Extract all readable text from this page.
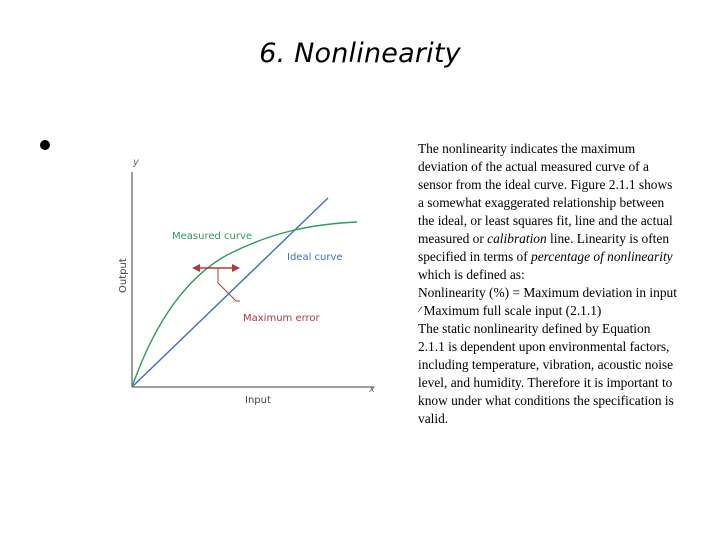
6. Nonlinearity
y
x
Output
Input
Measured curve
Ideal curve
Maximum error
The nonlinearity indicates the maximum
deviation of the actual measured curve of a
sensor from the ideal curve. Figure 2.1.1 shows
a somewhat exaggerated relationship between
the ideal, or least squares fit, line and the actual
measured or calibration line. Linearity is often
specified in terms of percentage of nonlinearity
which is defined as:
Nonlinearity (%) = Maximum deviation in input
∕ Maximum full scale input (2.1.1)
The static nonlinearity defined by Equation
2.1.1 is dependent upon environmental factors,
including temperature, vibration, acoustic noise
level, and humidity. Therefore it is important to
know under what conditions the specification is
valid.
